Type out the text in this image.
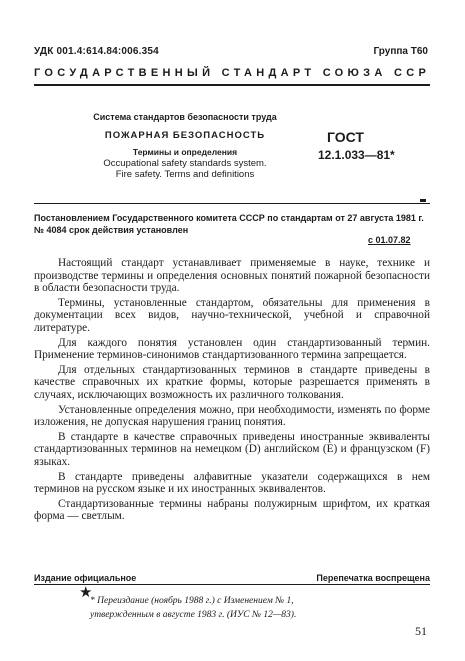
УДК 001.4:614.84:006.354	Группа Т60
ГОСУДАРСТВЕННЫЙ СТАНДАРТ СОЮЗА ССР
Система стандартов безопасности труда
ПОЖАРНАЯ БЕЗОПАСНОСТЬ
Термины и определения
Occupational safety standards system.
Fire safety. Terms and definitions
ГОСТ
12.1.033—81*
Постановлением Государственного комитета СССР по стандартам от 27 августа 1981 г. № 4084 срок действия установлен
с 01.07.82

Настоящий стандарт устанавливает применяемые в науке, технике и производстве термины и определения основных понятий пожарной безопасности в области безопасности труда.

Термины, установленные стандартом, обязательны для применения в документации всех видов, научно-технической, учебной и справочной литературе.

Для каждого понятия установлен один стандартизованный термин. Применение терминов-синонимов стандартизованного термина запрещается.

Для отдельных стандартизованных терминов в стандарте приведены в качестве справочных их краткие формы, которые разрешается применять в случаях, исключающих возможность их различного толкования.

Установленные определения можно, при необходимости, изменять по форме изложения, не допуская нарушения границ понятия.

В стандарте в качестве справочных приведены иностранные эквиваленты стандартизованных терминов на немецком (D) английском (E) и французском (F) языках.

В стандарте приведены алфавитные указатели содержащихся в нем терминов на русском языке и их иностранных эквивалентов.

Стандартизованные термины набраны полужирным шрифтом, их краткая форма — светлым.

Издание официальное	Перепечатка воспрещена
★
* Переиздание (ноябрь 1988 г.) с Изменением № 1,
утвержденным в августе 1983 г. (ИУС № 12—83).
51
